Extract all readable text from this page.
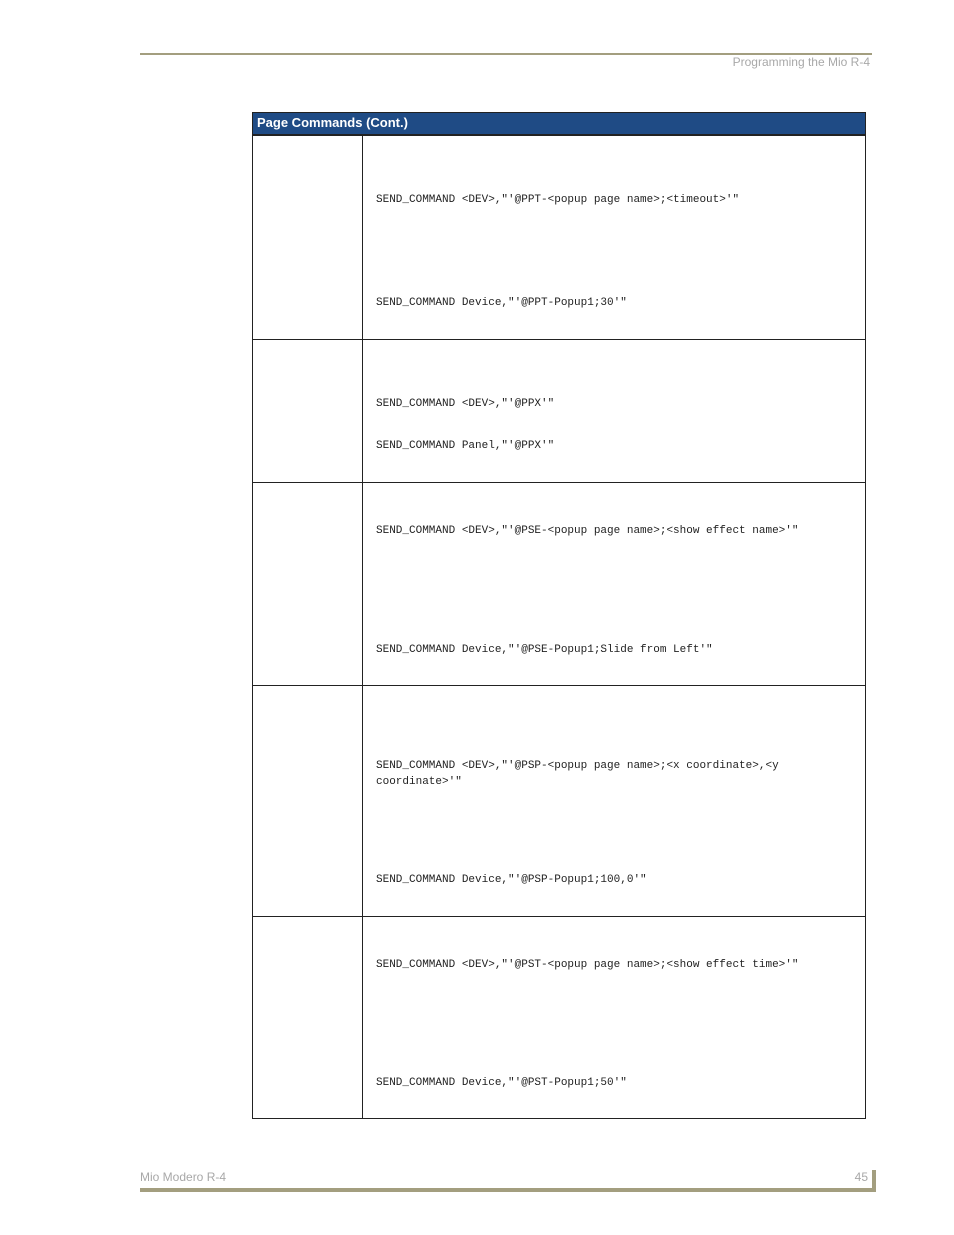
Programming the Mio R-4
Page Commands (Cont.)
SEND_COMMAND <DEV>,"'@PPT-<popup page name>;<timeout>'"
SEND_COMMAND Device,"'@PPT-Popup1;30'"
SEND_COMMAND <DEV>,"'@PPX'"
SEND_COMMAND Panel,"'@PPX'"
SEND_COMMAND <DEV>,"'@PSE-<popup page name>;<show effect name>'"
SEND_COMMAND Device,"'@PSE-Popup1;Slide from Left'"
SEND_COMMAND <DEV>,"'@PSP-<popup page name>;<x coordinate>,<y coordinate>'"
SEND_COMMAND Device,"'@PSP-Popup1;100,0'"
SEND_COMMAND <DEV>,"'@PST-<popup page name>;<show effect time>'"
SEND_COMMAND Device,"'@PST-Popup1;50'"
Mio Modero R-4	45
